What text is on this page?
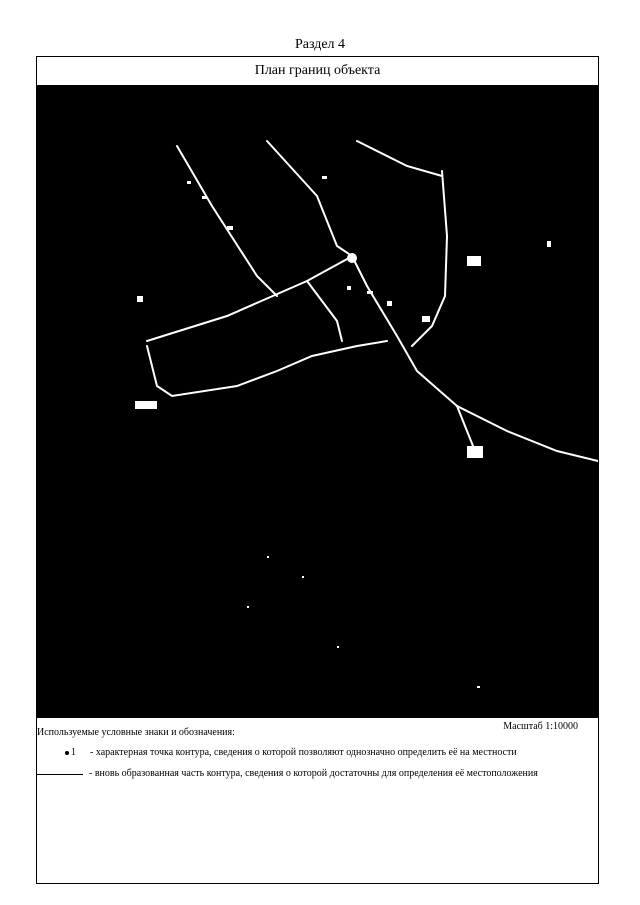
Раздел 4
План границ объекта
Используемые условные знаки и обозначения:
Масштаб 1:10000
1 - характерная точка контура, сведения о которой позволяют однозначно определить её на местности
- вновь образованная часть контура, сведения о которой достаточны для определения её местоположения
